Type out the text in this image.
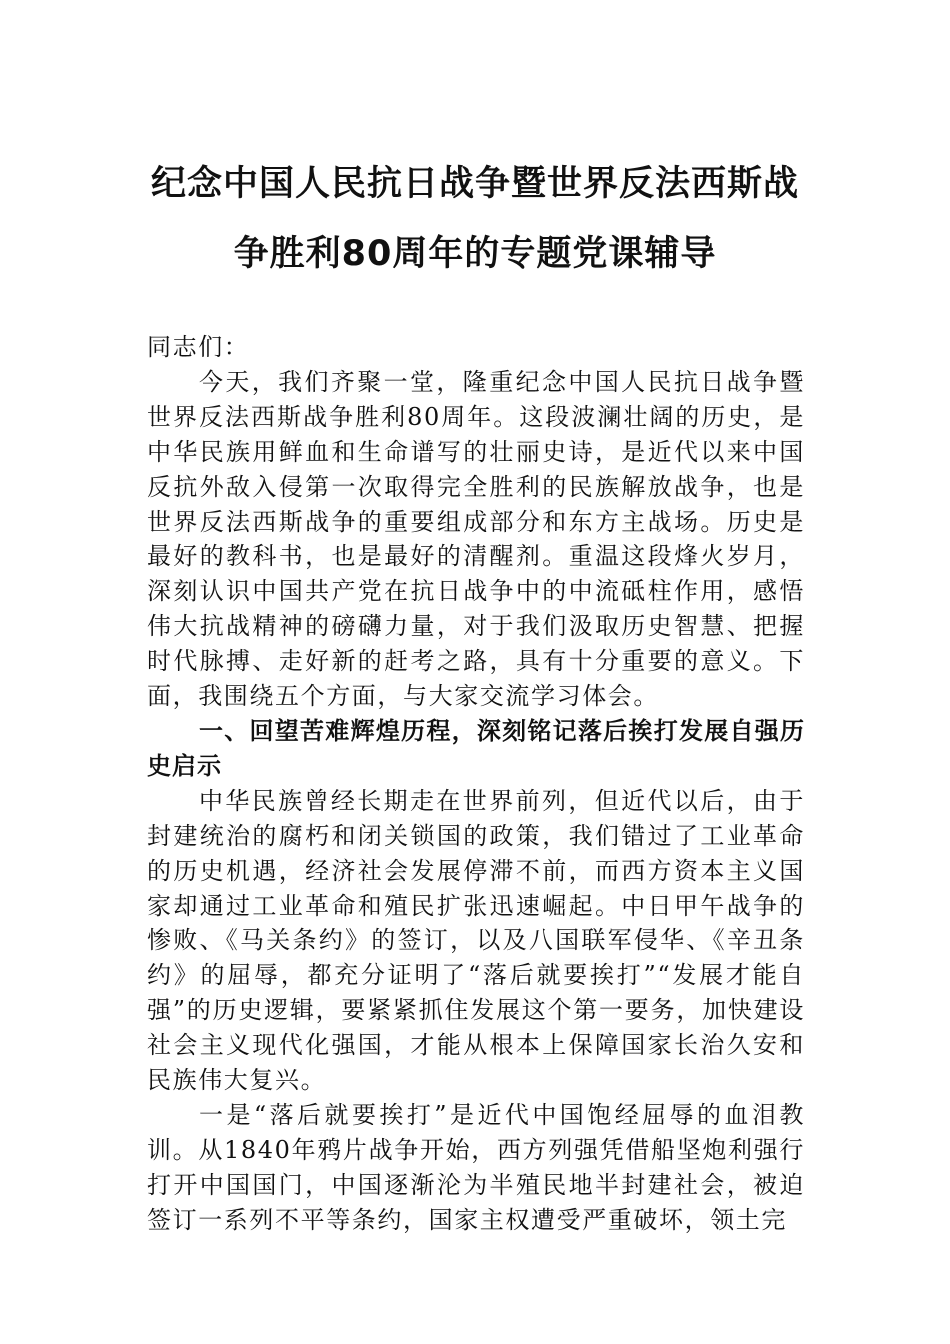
纪念中国人民抗日战争暨世界反法西斯战
争胜利80周年的专题党课辅导

同志们：

今天，我们齐聚一堂，隆重纪念中国人民抗日战争暨世界反法西斯战争胜利80周年。这段波澜壮阔的历史，是中华民族用鲜血和生命谱写的壮丽史诗，是近代以来中国反抗外敌入侵第一次取得完全胜利的民族解放战争，也是世界反法西斯战争的重要组成部分和东方主战场。历史是最好的教科书，也是最好的清醒剂。重温这段烽火岁月，深刻认识中国共产党在抗日战争中的中流砥柱作用，感悟伟大抗战精神的磅礴力量，对于我们汲取历史智慧、把握时代脉搏、走好新的赶考之路，具有十分重要的意义。下面，我围绕五个方面，与大家交流学习体会。

一、回望苦难辉煌历程，深刻铭记落后挨打发展自强历史启示

中华民族曾经长期走在世界前列，但近代以后，由于封建统治的腐朽和闭关锁国的政策，我们错过了工业革命的历史机遇，经济社会发展停滞不前，而西方资本主义国家却通过工业革命和殖民扩张迅速崛起。中日甲午战争的惨败、《马关条约》的签订，以及八国联军侵华、《辛丑条约》的屈辱，都充分证明了“落后就要挨打”“发展才能自强”的历史逻辑，要紧紧抓住发展这个第一要务，加快建设社会主义现代化强国，才能从根本上保障国家长治久安和民族伟大复兴。

一是“落后就要挨打”是近代中国饱经屈辱的血泪教训。从1840年鸦片战争开始，西方列强凭借船坚炮利强行打开中国国门，中国逐渐沦为半殖民地半封建社会，被迫签订一系列不平等条约，国家主权遭受严重破坏，领土完
